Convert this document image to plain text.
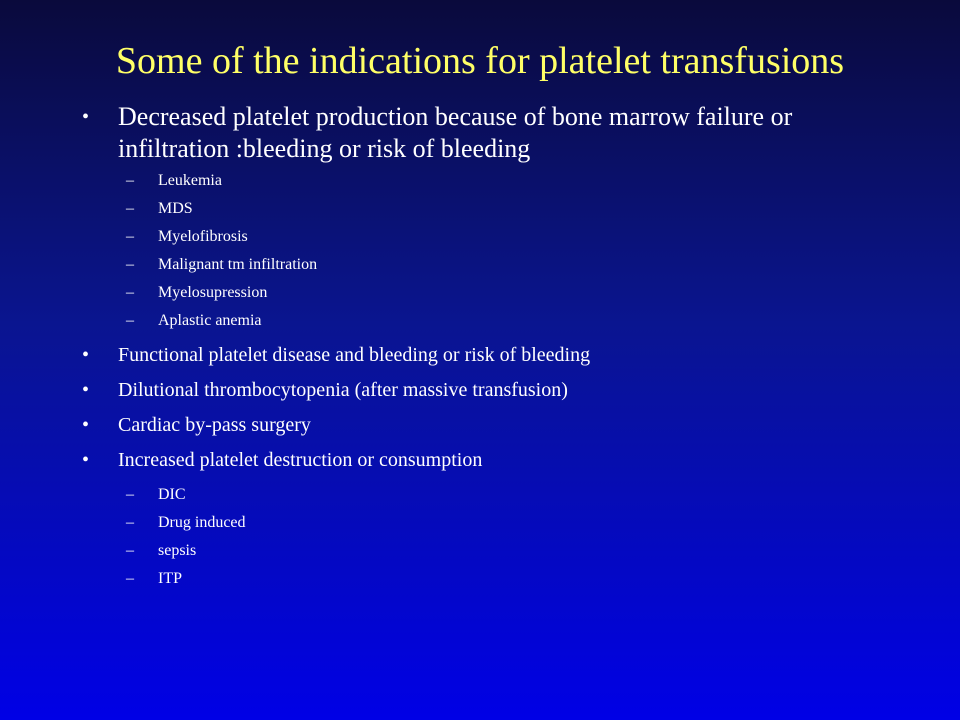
Some of the indications for platelet transfusions
•	Decreased platelet production because of bone marrow failure or infiltration :bleeding or risk of bleeding
–	Leukemia
–	MDS
–	Myelofibrosis
–	Malignant tm infiltration
–	Myelosupression
–	Aplastic anemia
•	Functional platelet disease and bleeding or risk of bleeding
•	Dilutional thrombocytopenia (after massive transfusion)
•	Cardiac by-pass surgery
•	Increased platelet destruction or consumption
–	DIC
–	Drug induced
–	sepsis
–	ITP
